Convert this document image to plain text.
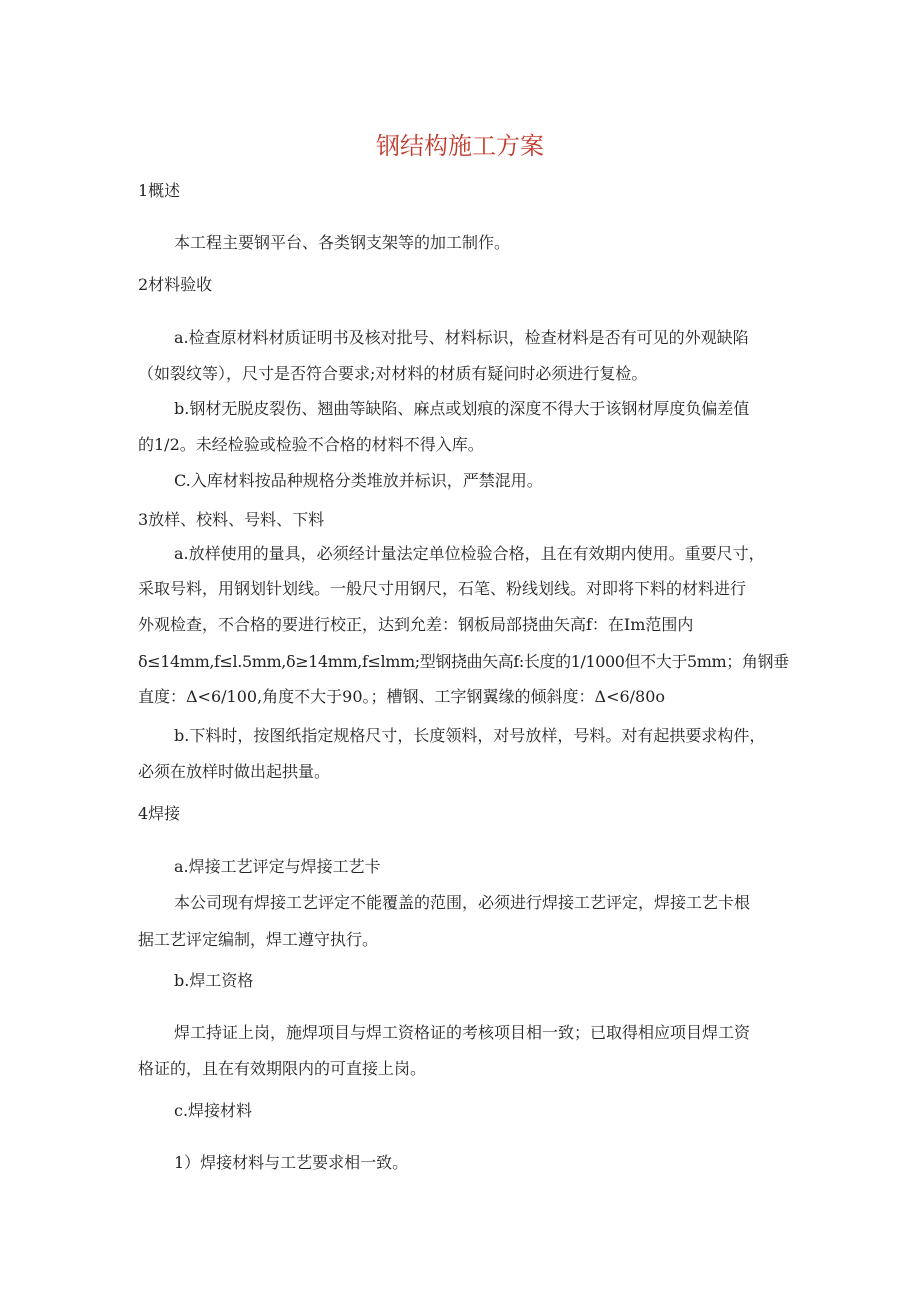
钢结构施工方案
1概述
本工程主要钢平台、各类钢支架等的加工制作。
2材料验收
a.检查原材料材质证明书及核对批号、材料标识，检查材料是否有可见的外观缺陷
（如裂纹等），尺寸是否符合要求;对材料的材质有疑问时必须进行复检。
b.钢材无脱皮裂伤、翘曲等缺陷、麻点或划痕的深度不得大于该钢材厚度负偏差值
的1/2。未经检验或检验不合格的材料不得入库。
C.入库材料按品种规格分类堆放并标识，严禁混用。
3放样、校料、号料、下料
a.放样使用的量具，必须经计量法定单位检验合格，且在有效期内使用。重要尺寸，
采取号料，用钢划针划线。一般尺寸用钢尺，石笔、粉线划线。对即将下料的材料进行
外观检查，不合格的要进行校正，达到允差：钢板局部挠曲矢高f：在Im范围内
δ≤14mm,f≤l.5mm,δ≥14mm,f≤lmm;型钢挠曲矢高f:长度的1/1000但不大于5mm；角钢垂
直度：Δ<6∕100,角度不大于90。；槽钢、工字钢翼缘的倾斜度：Δ<6∕80o
b.下料时，按图纸指定规格尺寸，长度领料，对号放样，号料。对有起拱要求构件，
必须在放样时做出起拱量。
4焊接
a.焊接工艺评定与焊接工艺卡
本公司现有焊接工艺评定不能覆盖的范围，必须进行焊接工艺评定，焊接工艺卡根
据工艺评定编制，焊工遵守执行。
b.焊工资格
焊工持证上岗，施焊项目与焊工资格证的考核项目相一致；已取得相应项目焊工资
格证的，且在有效期限内的可直接上岗。
c.焊接材料
1）焊接材料与工艺要求相一致。
